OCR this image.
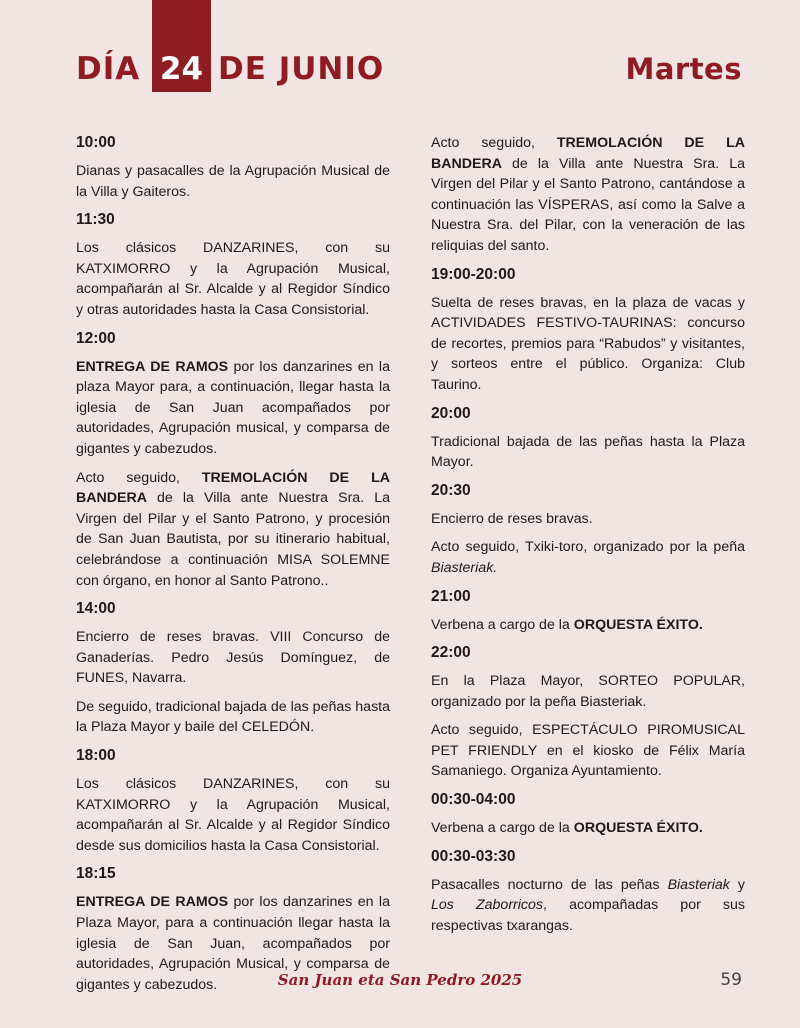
DÍA 24 DE JUNIO	Martes
10:00

Dianas y pasacalles de la Agrupación Musical de la Villa y Gaiteros.

11:30

Los clásicos DANZARINES, con su KATXIMORRO y la Agrupación Musical, acompañarán al Sr. Alcalde y al Regidor Síndico y otras autoridades hasta la Casa Consistorial.

12:00

ENTREGA DE RAMOS por los danzarines en la plaza Mayor para, a continuación, llegar hasta la iglesia de San Juan acompañados por autoridades, Agrupación musical, y comparsa de gigantes y cabezudos.

Acto seguido, TREMOLACIÓN DE LA BANDERA de la Villa ante Nuestra Sra. La Virgen del Pilar y el Santo Patrono, y procesión de San Juan Bautista, por su itinerario habitual, celebrándose a continuación MISA SOLEMNE con órgano, en honor al Santo Patrono..

14:00

Encierro de reses bravas. VIII Concurso de Ganaderías. Pedro Jesús Domínguez, de FUNES, Navarra.

De seguido, tradicional bajada de las peñas hasta la Plaza Mayor y baile del CELEDÓN.

18:00

Los clásicos DANZARINES, con su KATXIMORRO y la Agrupación Musical, acompañarán al Sr. Alcalde y al Regidor Síndico desde sus domicilios hasta la Casa Consistorial.

18:15

ENTREGA DE RAMOS por los danzarines en la Plaza Mayor, para a continuación llegar hasta la iglesia de San Juan, acompañados por autoridades, Agrupación Musical, y comparsa de gigantes y cabezudos.

Acto seguido, TREMOLACIÓN DE LA BANDERA de la Villa ante Nuestra Sra. La Virgen del Pilar y el Santo Patrono, cantándose a continuación las VÍSPERAS, así como la Salve a Nuestra Sra. del Pilar, con la veneración de las reliquias del santo.

19:00-20:00

Suelta de reses bravas, en la plaza de vacas y ACTIVIDADES FESTIVO-TAURINAS: concurso de recortes, premios para “Rabudos” y visitantes, y sorteos entre el público. Organiza: Club Taurino.

20:00

Tradicional bajada de las peñas hasta la Plaza Mayor.

20:30

Encierro de reses bravas.

Acto seguido, Txiki-toro, organizado por la peña Biasteriak.

21:00

Verbena a cargo de la ORQUESTA ÉXITO.

22:00

En la Plaza Mayor, SORTEO POPULAR, organizado por la peña Biasteriak.

Acto seguido, ESPECTÁCULO PIROMUSICAL PET FRIENDLY en el kiosko de Félix María Samaniego. Organiza Ayuntamiento.

00:30-04:00

Verbena a cargo de la ORQUESTA ÉXITO.

00:30-03:30

Pasacalles nocturno de las peñas Biasteriak y Los Zaborricos, acompañadas por sus respectivas txarangas.

San Juan eta San Pedro 2025	59
